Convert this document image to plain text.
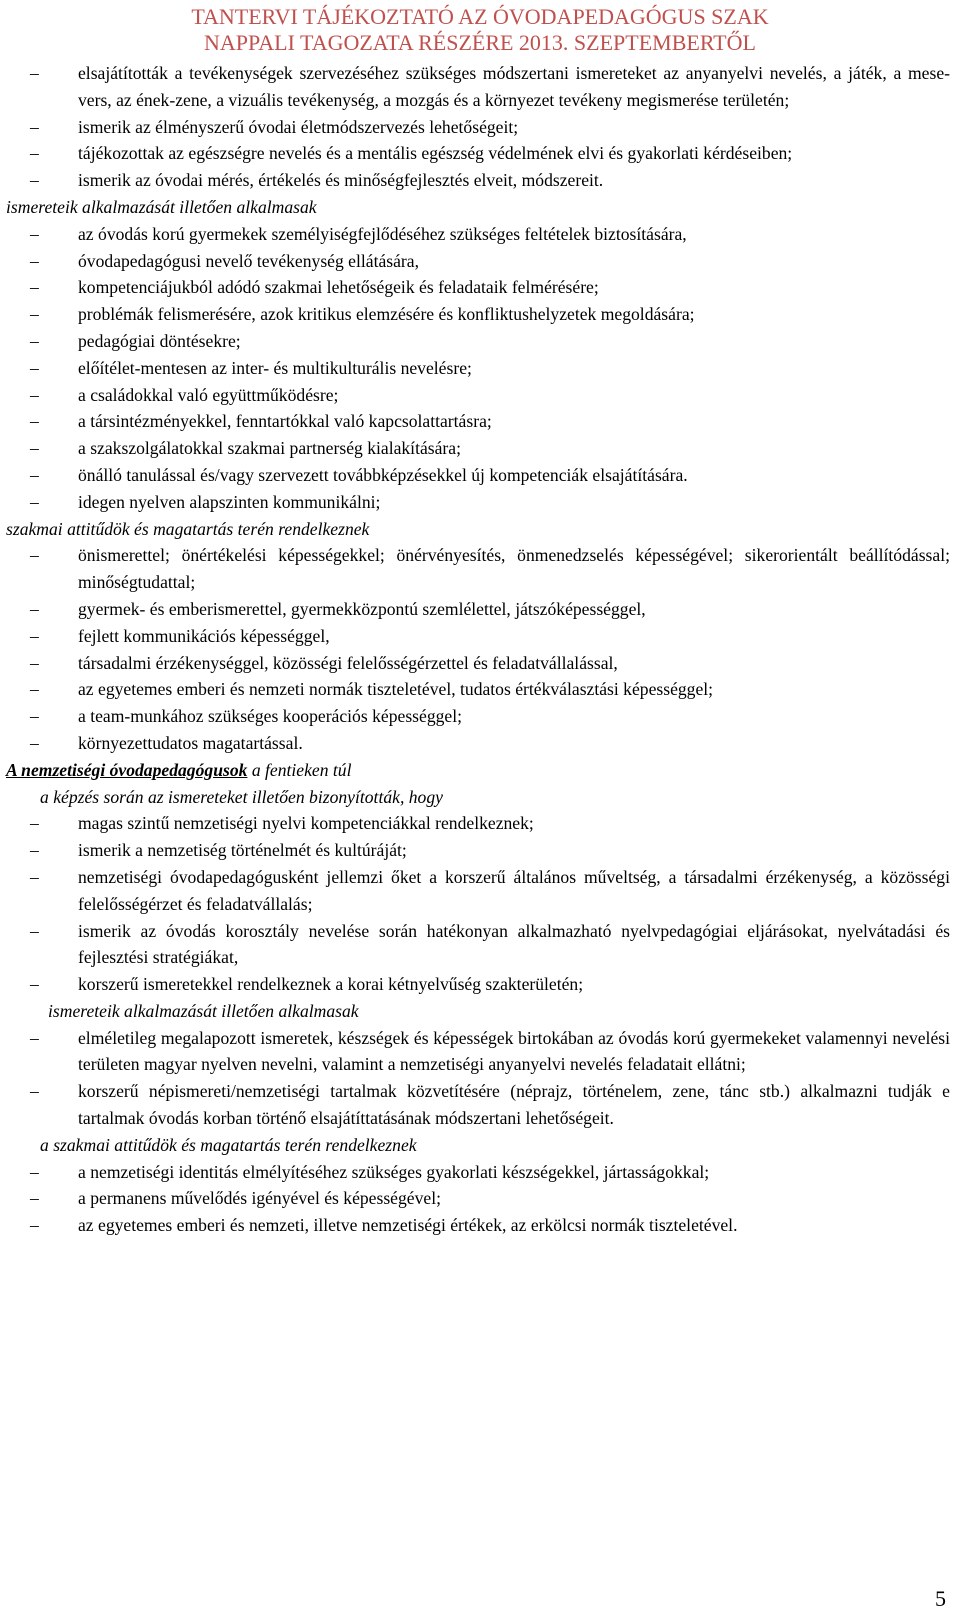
TANTERVI TÁJÉKOZTATÓ AZ ÓVODAPEDAGÓGUS SZAK
NAPPALI TAGOZATA RÉSZÉRE 2013. SZEPTEMBERTŐL
– elsajátították a tevékenységek szervezéséhez szükséges módszertani ismereteket az anyanyelvi nevelés, a játék, a mese-vers, az ének-zene, a vizuális tevékenység, a mozgás és a környezet tevékeny megismerése területén;
– ismerik az élményszerű óvodai életmódszervezés lehetőségeit;
– tájékozottak az egészségre nevelés és a mentális egészség védelmének elvi és gyakorlati kérdéseiben;
– ismerik az óvodai mérés, értékelés és minőségfejlesztés elveit, módszereit.
ismereteik alkalmazását illetően alkalmasak
– az óvodás korú gyermekek személyiségfejlődéséhez szükséges feltételek biztosítására,
– óvodapedagógusi nevelő tevékenység ellátására,
– kompetenciájukból adódó szakmai lehetőségeik és feladataik felmérésére;
– problémák felismerésére, azok kritikus elemzésére és konfliktushelyzetek megoldására;
– pedagógiai döntésekre;
– előítélet-mentesen az inter- és multikulturális nevelésre;
– a családokkal való együttműködésre;
– a társintézményekkel, fenntartókkal való kapcsolattartásra;
– a szakszolgálatokkal szakmai partnerség kialakítására;
– önálló tanulással és/vagy szervezett továbbképzésekkel új kompetenciák elsajátítására.
– idegen nyelven alapszinten kommunikálni;
szakmai attitűdök és magatartás terén rendelkeznek
– önismerettel; önértékelési képességekkel; önérvényesítés, önmenedzselés képességével; sikerorientált beállítódással; minőségtudattal;
– gyermek- és emberismerettel, gyermekközpontú szemlélettel, játszóképességgel,
– fejlett kommunikációs képességgel,
– társadalmi érzékenységgel, közösségi felelősségérzettel és feladatvállalással,
– az egyetemes emberi és nemzeti normák tiszteletével, tudatos értékválasztási képességgel;
– a team-munkához szükséges kooperációs képességgel;
– környezettudatos magatartással.
A nemzetiségi óvodapedagógusok a fentieken túl
a képzés során az ismereteket illetően bizonyították, hogy
– magas szintű nemzetiségi nyelvi kompetenciákkal rendelkeznek;
– ismerik a nemzetiség történelmét és kultúráját;
– nemzetiségi óvodapedagógusként jellemzi őket a korszerű általános műveltség, a társadalmi érzékenység, a közösségi felelősségérzet és feladatvállalás;
– ismerik az óvodás korosztály nevelése során hatékonyan alkalmazható nyelvpedagógiai eljárásokat, nyelvátadási és fejlesztési stratégiákat,
– korszerű ismeretekkel rendelkeznek a korai kétnyelvűség szakterületén;
ismereteik alkalmazását illetően alkalmasak
– elméletileg megalapozott ismeretek, készségek és képességek birtokában az óvodás korú gyermekeket valamennyi nevelési területen magyar nyelven nevelni, valamint a nemzetiségi anyanyelvi nevelés feladatait ellátni;
– korszerű népismereti/nemzetiségi tartalmak közvetítésére (néprajz, történelem, zene, tánc stb.) alkalmazni tudják e tartalmak óvodás korban történő elsajátíttatásának módszertani lehetőségeit.
a szakmai attitűdök és magatartás terén rendelkeznek
– a nemzetiségi identitás elmélyítéséhez szükséges gyakorlati készségekkel, jártasságokkal;
– a permanens művelődés igényével és képességével;
– az egyetemes emberi és nemzeti, illetve nemzetiségi értékek, az erkölcsi normák tiszteletével.
5
